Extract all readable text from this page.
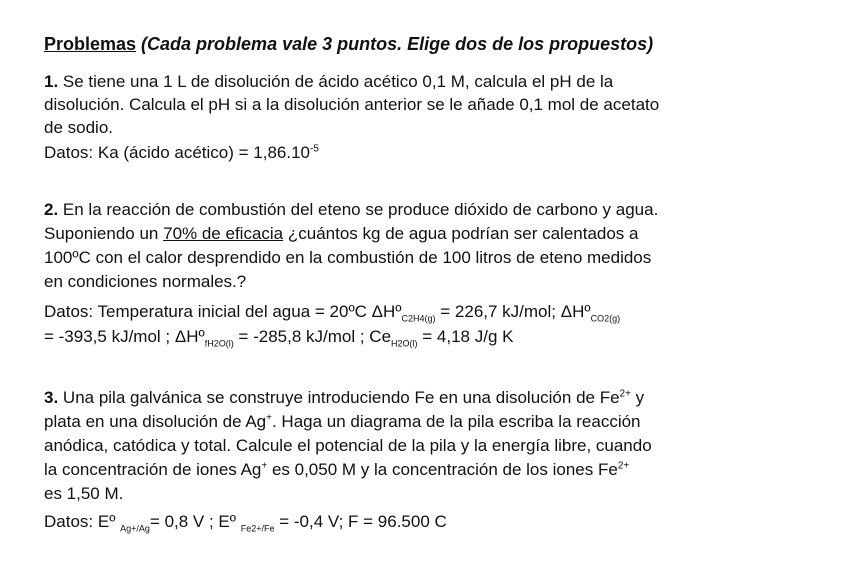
Problemas (Cada problema vale 3 puntos. Elige dos de los propuestos)
1. Se tiene una 1 L de disolución de ácido acético 0,1 M, calcula el pH de la
disolución. Calcula el pH si a la disolución anterior se le añade 0,1 mol de acetato
de sodio.
Datos: Ka (ácido acético) = $1,86.10^{-5}$
2. En la reacción de combustión del eteno se produce dióxido de carbono y agua.
Suponiendo un 70% de eficacia ¿cuántos kg de agua podrían ser calentados a
100ºC con el calor desprendido en la combustión de 100 litros de eteno medidos
en condiciones normales.?
Datos: Temperatura inicial del agua = 20ºC ΔHº$_{C2H4(g)}$ = 226,7 kJ/mol; ΔHº$_{CO2(g)}$
= -393,5 kJ/mol ; ΔHº$_{fH2O(l)}$ = -285,8 kJ/mol ; $Ce_{H2O(l)} = 4,18$ J/g K
3. Una pila galvánica se construye introduciendo Fe en una disolución de $Fe^{2+}$ y
plata en una disolución de Ag+. Haga un diagrama de la pila escriba la reacción
anódica, catódica y total. Calcule el potencial de la pila y la energía libre, cuando
la concentración de iones Ag+ es 0,050 M y la concentración de los iones $Fe^{2+}$
es 1,50 M.
Datos: Eº $_{Ag+/Ag}$= 0,8 V ; Eº $_{Fe2+/Fe}$ = -0,4 V; F = 96.500 C
